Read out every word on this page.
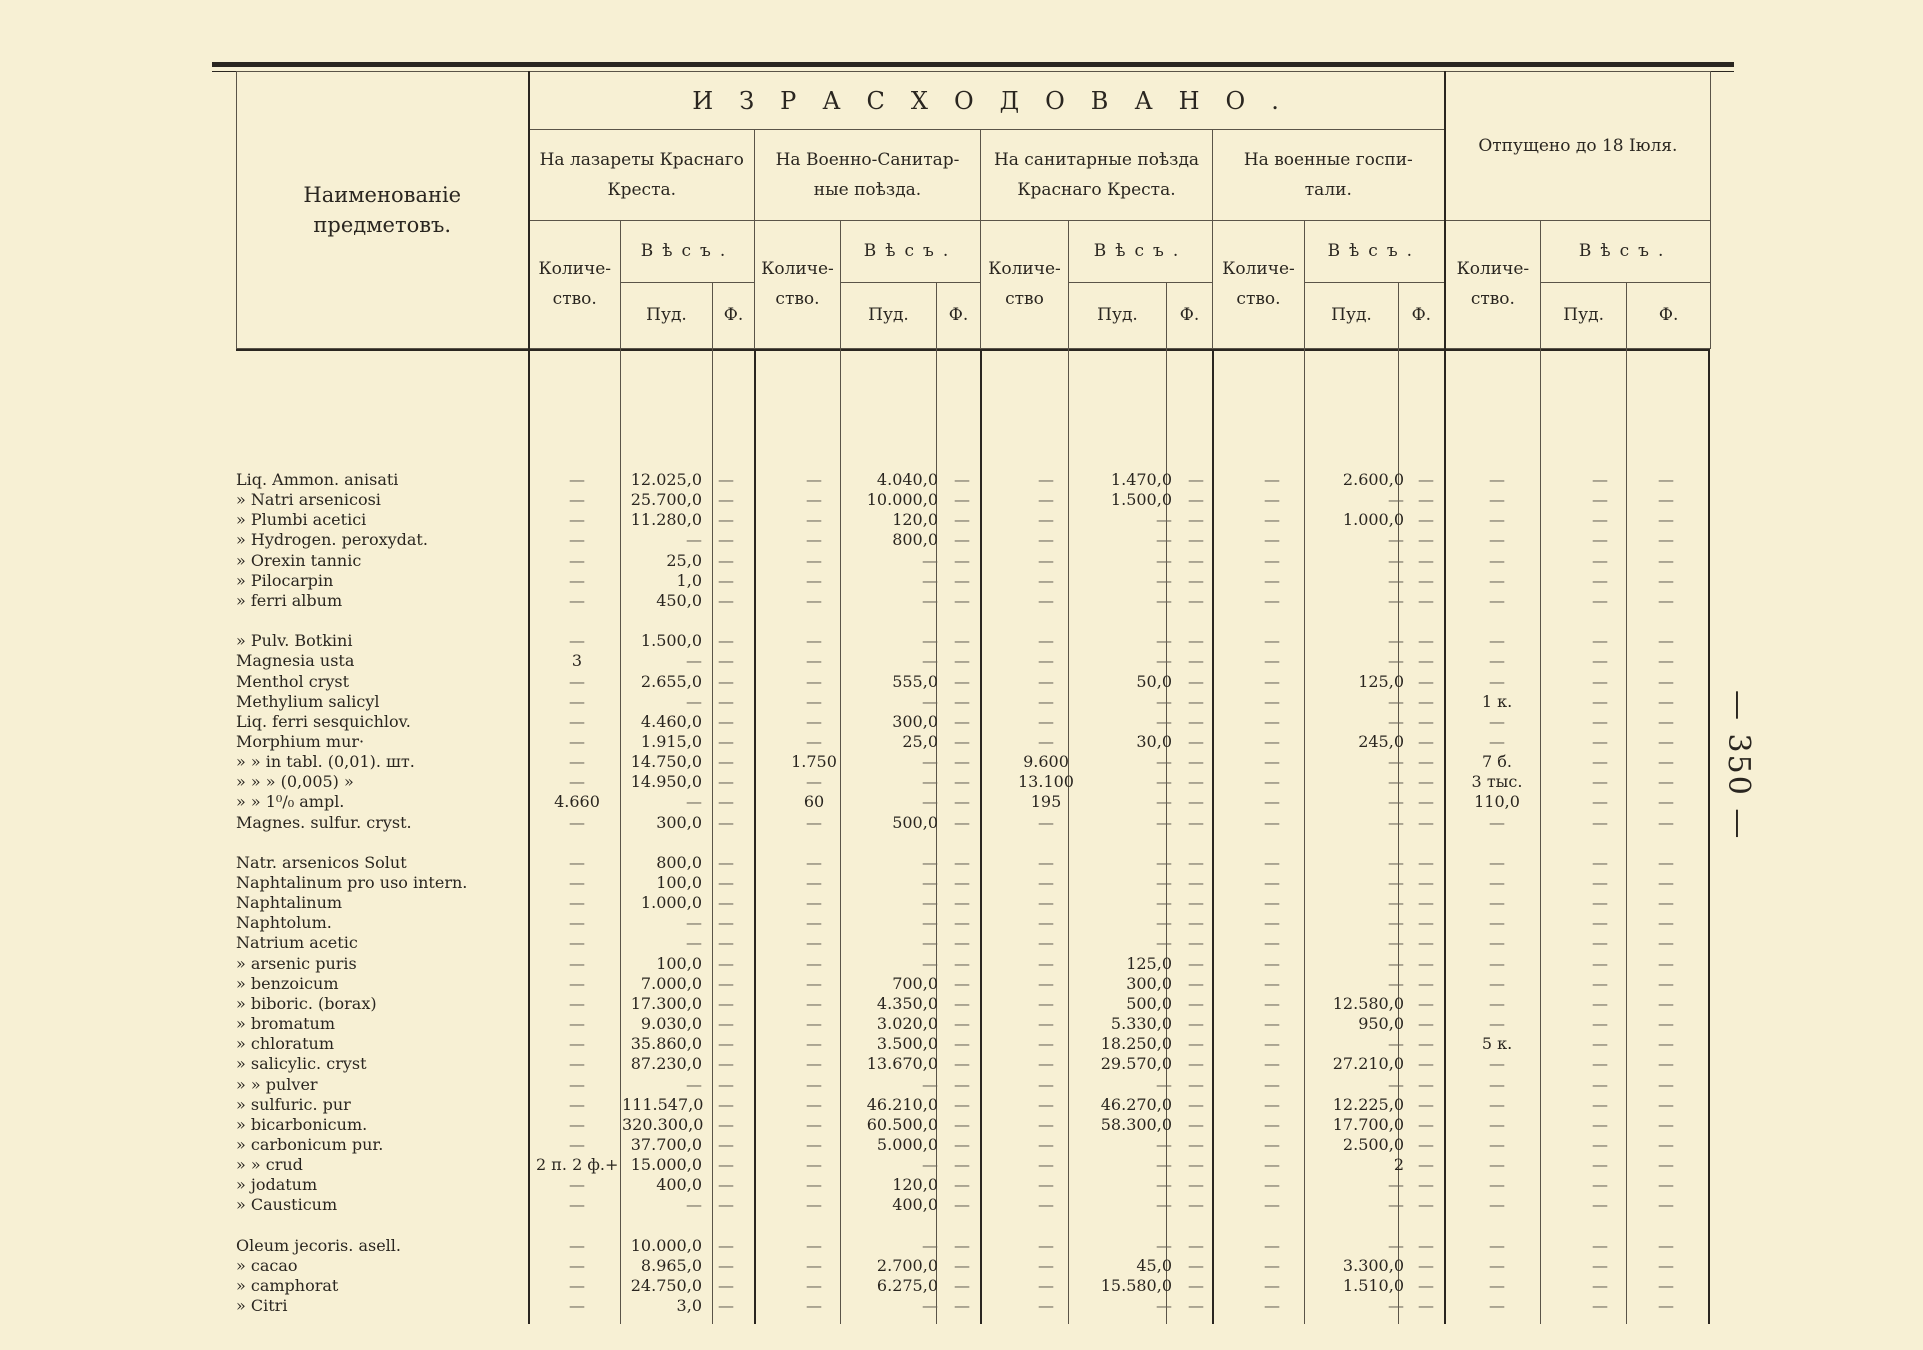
Наименованіе предметовъ.	ИЗРАСХОДОВАНО.												Отпущено до 18 Іюля.		
	На лазареты Краснаго Креста.			На Военно-Санитар- ные поѣзда.			На санитарные поѣзда Краснаго Креста.			На военные госпи- тали.					
	Количе- ство.	Вѣсъ.		Количе- ство.	Вѣсъ.		Количе- ство	Вѣсъ.		Количе- ство.	Вѣсъ.		Количе- ство.	Вѣсъ.	
		Пуд.	Ф.		Пуд.	Ф.		Пуд.	Ф.		Пуд.	Ф.		Пуд.	Ф.
Liq. Ammon. anisati	—	12.025,0	—	—	4.040,0	—	—	1.470,0	—	—	2.600,0 —	—	—	—
» Natri arsenicosi	—	25.700,0	—	—	10.000,0	—	—	1.500,0	—	—	— —	—	—	—
» Plumbi acetici	—	11.280,0	—	—	120,0	—	—	—	—	—	1.000,0 —	—	—	—
» Hydrogen. peroxydat.	—	—	—	—	800,0	—	—	—	—	—	— —	—	—	—
» Orexin tannic	—	25,0	—	—	—	—	—	—	—	—	— —	—	—	—
» Pilocarpin	—	1,0	—	—	—	—	—	—	—	—	— —	—	—	—
» ferri album	—	450,0	—	—	—	—	—	—	—	—	— —	—	—	—
» Pulv. Botkini	—	1.500,0	—	—	—	—	—	—	—	—	— —	—	—	—
Magnesia usta	3	—	—	—	—	—	—	—	—	—	— —	—	—	—
Menthol cryst	—	2.655,0	—	—	555,0	—	—	50,0	—	—	125,0 —	—	—	—
Methylium salicyl	—	—	—	—	—	—	—	—	—	—	— —	1 к.	—	—
Liq. ferri sesquichlov.	—	4.460,0	—	—	300,0	—	—	—	—	—	— —	—	—	—
Morphium mur·	—	1.915,0	—	—	25,0	—	—	30,0	—	—	245,0 —	—	—	—
» » in tabl. (0,01). шт.	—	14.750,0	—	1.750	—	—	9.600	—	—	—	— —	7 б.	—	—
» » » (0,005) »	—	14.950,0	—	—	—	—	13.100	—	—	—	— —	3 тыс.	—	—
» » 1⁰/₀ ampl.	4.660	—	—	60	—	—	195	—	—	—	— —	110,0	—	—
Magnes. sulfur. cryst.	—	300,0	—	—	500,0	—	—	—	—	—	— —	—	—	—
Natr. arsenicos Solut	—	800,0	—	—	—	—	—	—	—	—	— —	—	—	—
Naphtalinum pro uso intern.	—	100,0	—	—	—	—	—	—	—	—	— —	—	—	—
Naphtalinum	—	1.000,0	—	—	—	—	—	—	—	—	— —	—	—	—
Naphtolum.	—	—	—	—	—	—	—	—	—	—	— —	—	—	—
Natrium acetic	—	—	—	—	—	—	—	—	—	—	— —	—	—	—
» arsenic puris	—	100,0	—	—	—	—	—	125,0	—	—	— —	—	—	—
» benzoicum	—	7.000,0	—	—	700,0	—	—	300,0	—	—	— —	—	—	—
» biboric. (borax)	—	17.300,0	—	—	4.350,0	—	—	500,0	—	—	12.580,0 —	—	—	—
» bromatum	—	9.030,0	—	—	3.020,0	—	—	5.330,0	—	—	950,0 —	—	—	—
» chloratum	—	35.860,0	—	—	3.500,0	—	—	18.250,0	—	—	— —	5 к.	—	—
» salicylic. cryst	—	87.230,0	—	—	13.670,0	—	—	29.570,0	—	—	27.210,0 —	—	—	—
» » pulver	—	—	—	—	—	—	—	—	—	—	— —	—	—	—
» sulfuric. pur	—	111.547,0 —	—	46.210,0	—	—	46.270,0	—	—	12.225,0 —	—	—	—
» bicarbonicum.	—	320.300,0 —	—	60.500,0	—	—	58.300,0	—	—	17.700,0 —	—	—	—
» carbonicum pur.	—	37.700,0	—	—	5.000,0	—	—	—	—	—	2.500,0 —	—	—	—
» » crud	2 п. 2 ф.+ 15.000,0	—	—	—	—	—	—	—	—	2 —	—	—	—
» jodatum	—	400,0	—	—	120,0	—	—	—	—	—	— —	—	—	—
» Causticum	—	—	—	—	400,0	—	—	—	—	—	— —	—	—	—
Oleum jecoris. asell.	—	10.000,0	—	—	—	—	—	—	—	—	— —	—	—	—
» cacao	—	8.965,0	—	—	2.700,0	—	—	45,0	—	—	3.300,0 —	—	—	—
» camphorat	—	24.750,0	—	—	6.275,0	—	—	15.580,0	—	—	1.510,0 —	—	—	—
» Citri	—	3,0	—	—	—	—	—	—	—	—	— —	—	—	—
— 350 —
